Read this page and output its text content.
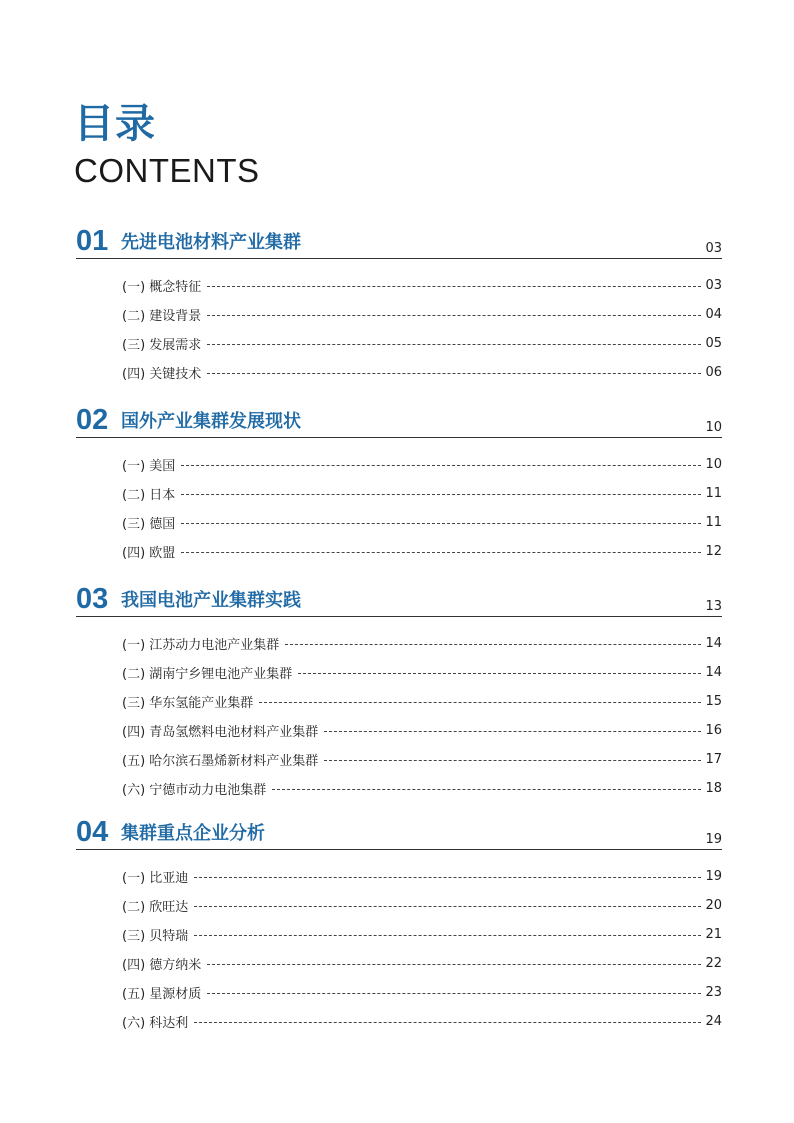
目录
CONTENTS
01 先进电池材料产业集群	03
(一) 概念特征	03
(二) 建设背景	04
(三) 发展需求	05
(四) 关键技术	06
02 国外产业集群发展现状	10
(一) 美国	10
(二) 日本	11
(三) 德国	11
(四) 欧盟	12
03 我国电池产业集群实践	13
(一) 江苏动力电池产业集群	14
(二) 湖南宁乡锂电池产业集群	14
(三) 华东氢能产业集群	15
(四) 青岛氢燃料电池材料产业集群	16
(五) 哈尔滨石墨烯新材料产业集群	17
(六) 宁德市动力电池集群	18
04 集群重点企业分析	19
(一) 比亚迪	19
(二) 欣旺达	20
(三) 贝特瑞	21
(四) 德方纳米	22
(五) 星源材质	23
(六) 科达利	24
